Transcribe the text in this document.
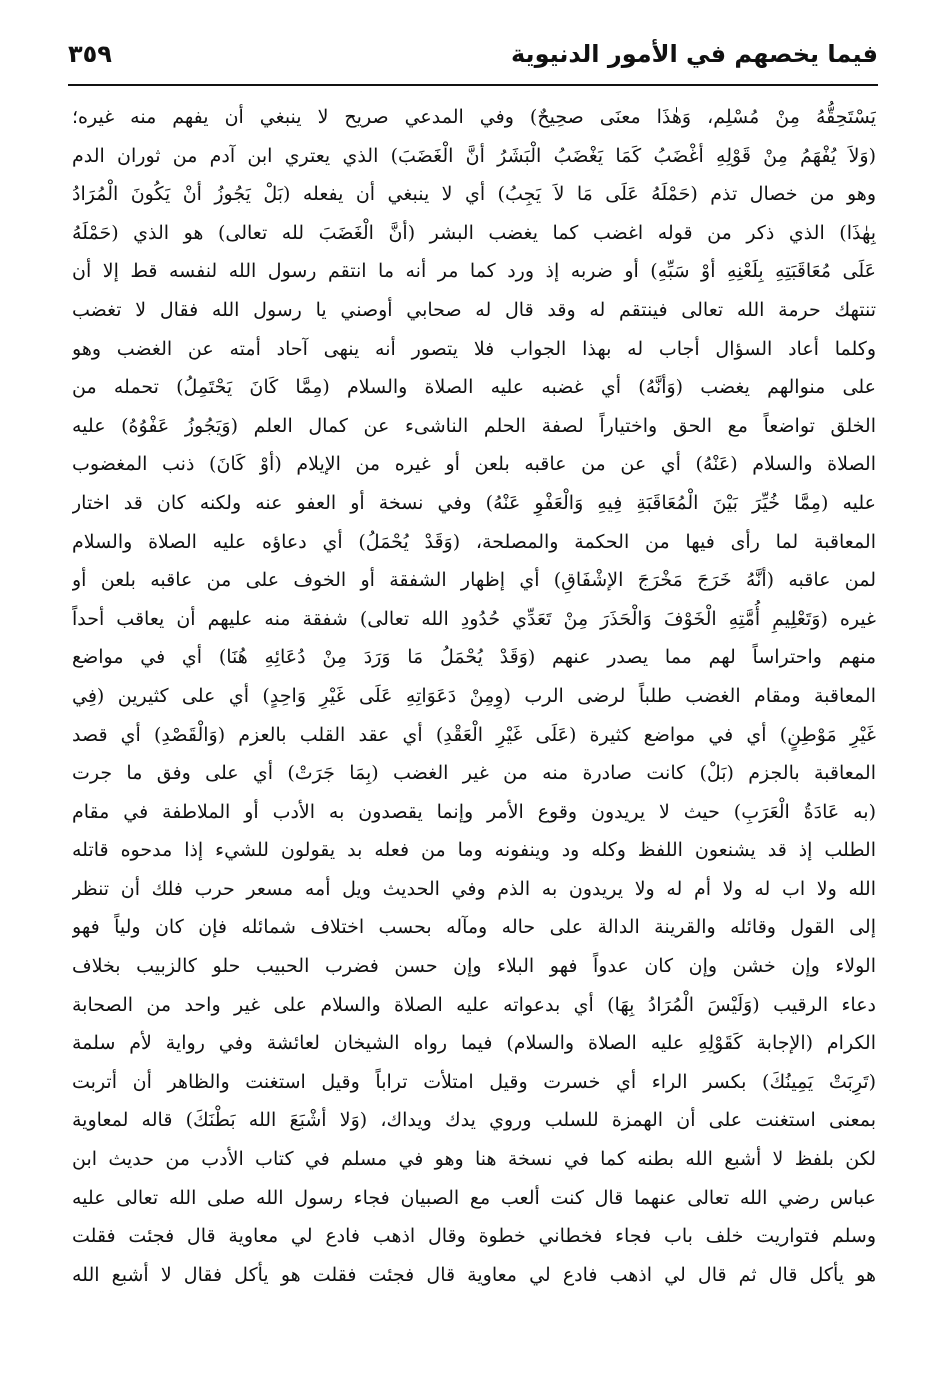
فيما يخصهم في الأمور الدنيوية
٣٥٩
يَسْتَحِقُّهُ مِنْ مُسْلِم، وَهٰذَا معنَى صحِيحٌ) وفي المدعي صريح لا ينبغي أن يفهم منه غيره؛
(وَلاَ يُفْهَمُ مِنْ قَوْلِهِ أغْضَبُ كَمَا يَغْضَبُ الْبَشَرُ أنَّ الْغَضَبَ) الذي يعتري ابن آدم من ثوران الدم
وهو من خصال تذم (حَمْلَهُ عَلَى مَا لاَ يَجِبُ) أي لا ينبغي أن يفعله (بَلْ يَجُوزُ أنْ يَكُونَ الْمُرَادُ
بِهٰذَا) الذي ذكر من قوله اغضب كما يغضب البشر (أنَّ الْغَضَبَ لله تعالى) هو الذي (حَمْلَهُ
عَلَى مُعَاقَبَتِهِ بِلَعْنِهِ أوْ سَبِّهِ) أو ضربه إذ ورد كما مر أنه ما انتقم رسول الله لنفسه قط إلا أن
تنتهك حرمة الله تعالى فينتقم له وقد قال له صحابي أوصني يا رسول الله فقال لا تغضب
وكلما أعاد السؤال أجاب له بهذا الجواب فلا يتصور أنه ينهى آحاد أمته عن الغضب وهو
على منوالهم يغضب (وَأنَّهُ) أي غضبه عليه الصلاة والسلام (مِمَّا كَانَ يَحْتَمِلُ) تحمله من
الخلق تواضعاً مع الحق واختياراً لصفة الحلم الناشىء عن كمال العلم (وَيَجُوزُ عَفْوُهُ) عليه
الصلاة والسلام (عَنْهُ) أي عن من عاقبه بلعن أو غيره من الإيلام (أوْ كَانَ) ذنب المغضوب
عليه (مِمَّا خُيِّرَ بَيْنَ الْمُعَاقَبَةِ فِيهِ وَالْعَفْوِ عَنْهُ) وفي نسخة أو العفو عنه ولكنه كان قد اختار
المعاقبة لما رأى فيها من الحكمة والمصلحة، (وَقَدْ يُحْمَلُ) أي دعاؤه عليه الصلاة والسلام
لمن عاقبه (أنَّهُ خَرَجَ مَخْرَجَ الإشْفَاقِ) أي إظهار الشفقة أو الخوف على من عاقبه بلعن أو
غيره (وَتَعْلِيمِ أُمَّتِهِ الْخَوْفَ وَالْحَذَرَ مِنْ تَعَدِّي حُدُودِ الله تعالى) شفقة منه عليهم أن يعاقب أحداً
منهم واحتراساً لهم مما يصدر عنهم (وَقَدْ يُحْمَلُ مَا وَرَدَ مِنْ دُعَائِهِ هُنَا) أي في مواضع
المعاقبة ومقام الغضب طلباً لرضى الرب (وِمِنْ دَعَوَاتِهِ عَلَى غَيْرِ وَاحِدٍ) أي على كثيرين (فِي
غَيْرِ مَوْطِنٍ) أي في مواضع كثيرة (عَلَى غَيْرِ الْعَقْدِ) أي عقد القلب بالعزم (وَالْقَصْدِ) أي قصد
المعاقبة بالجزم (بَلْ) كانت صادرة منه من غير الغضب (بِمَا جَرَتْ) أي على وفق ما جرت
(به عَادَةُ الْعَرَبِ) حيث لا يريدون وقوع الأمر وإنما يقصدون به الأدب أو الملاطفة في مقام
الطلب إذ قد يشنعون اللفظ وكله ود وينفونه وما من فعله بد يقولون للشيء إذا مدحوه قاتله
الله ولا اب له ولا أم له ولا يريدون به الذم وفي الحديث ويل أمه مسعر حرب فلك أن تنظر
إلى القول وقائله والقرينة الدالة على حاله ومآله بحسب اختلاف شمائله فإن كان ولياً فهو
الولاء وإن خشن وإن كان عدواً فهو البلاء وإن حسن فضرب الحبيب حلو كالزبيب بخلاف
دعاء الرقيب (وَلَيْسَ الْمُرَادُ بِهَا) أي بدعواته عليه الصلاة والسلام على غير واحد من الصحابة
الكرام (الإجابة كَقَوْلِهِ عليه الصلاة والسلام) فيما رواه الشيخان لعائشة وفي رواية لأم سلمة
(تَرِبَتْ يَمِينُكَ) بكسر الراء أي خسرت وقيل امتلأت تراباً وقيل استغنت والظاهر أن أتربت
بمعنى استغنت على أن الهمزة للسلب وروي يدك ويداك، (وَلا أشْبَعَ الله بَطْنَكَ) قاله لمعاوية
لكن بلفظ لا أشبع الله بطنه كما في نسخة هنا وهو في مسلم في كتاب الأدب من حديث ابن
عباس رضي الله تعالى عنهما قال كنت ألعب مع الصبيان فجاء رسول الله صلى الله تعالى عليه
وسلم فتواريت خلف باب فجاء فخطاني خطوة وقال اذهب فادع لي معاوية قال فجئت فقلت
هو يأكل قال ثم قال لي اذهب فادع لي معاوية قال فجئت فقلت هو يأكل فقال لا أشبع الله
